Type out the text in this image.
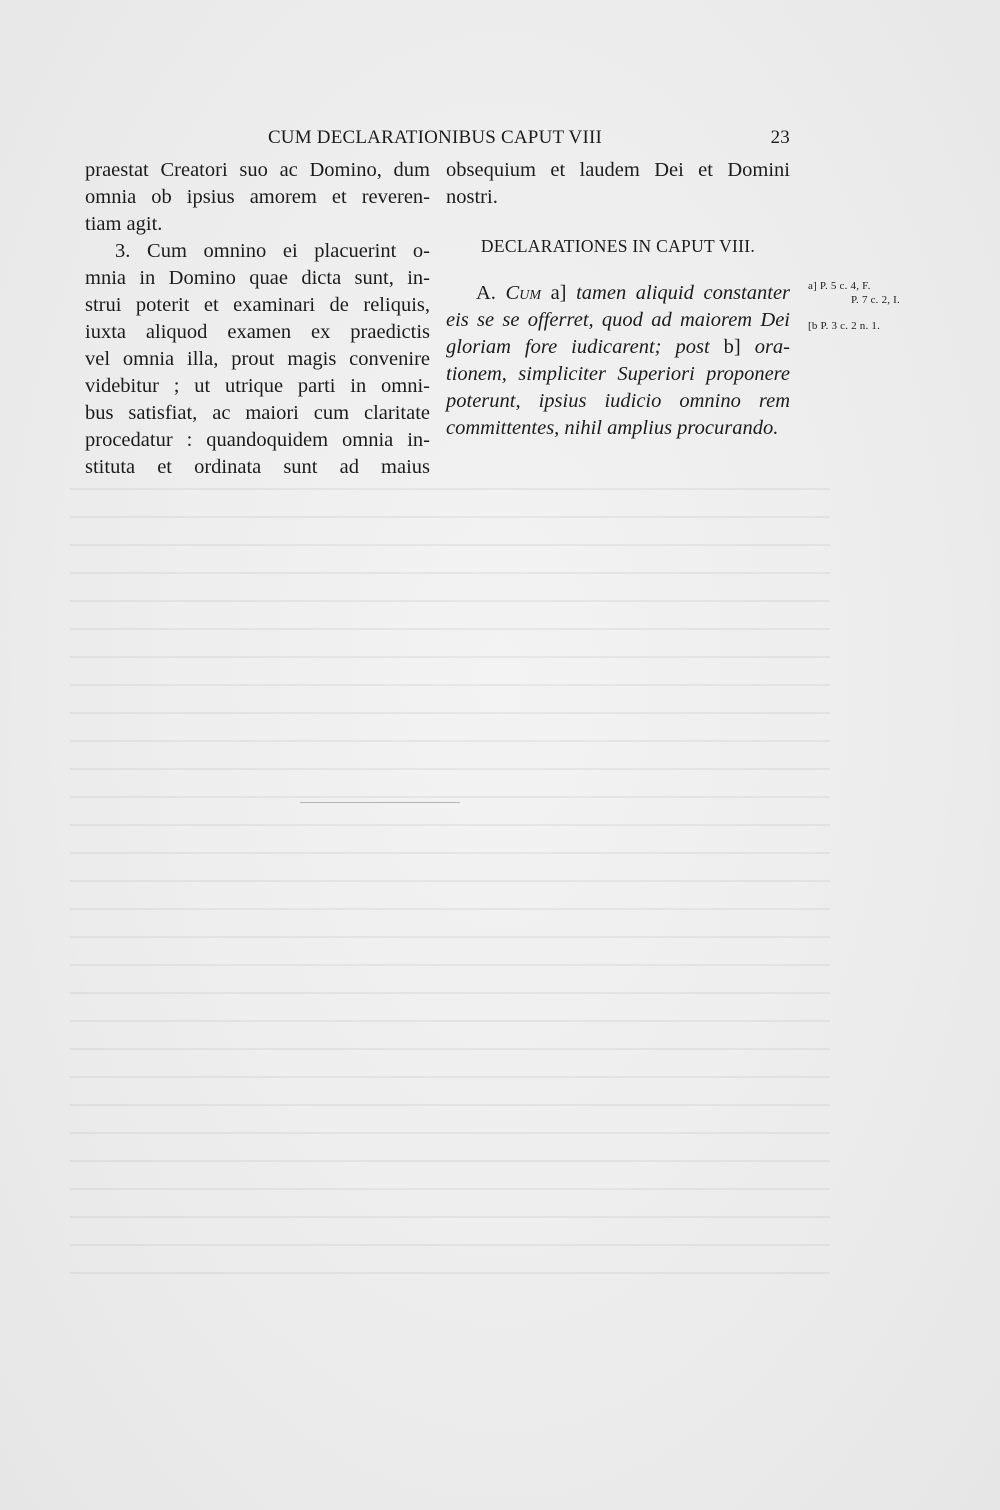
CUM DECLARATIONIBUS CAPUT VIII	23
praestat Creatori suo ac Domino, dum
omnia ob ipsius amorem et reveren-
tiam agit.
3. Cum omnino ei placuerint o-
mnia in Domino quae dicta sunt, in-
strui poterit et examinari de reliquis,
iuxta aliquod examen ex praedictis
vel omnia illa, prout magis convenire
videbitur ; ut utrique parti in omni-
bus satisfiat, ac maiori cum claritate
procedatur : quandoquidem omnia in-
stituta et ordinata sunt ad maius
obsequium et laudem Dei et Domini
nostri.
DECLARATIONES IN CAPUT VIII.
A. Cum a] tamen aliquid constanter
eis se se offerret, quod ad maiorem Dei
gloriam fore iudicarent; post b] ora-
tionem, simpliciter Superiori proponere
poterunt, ipsius iudicio omnino rem
committentes, nihil amplius procurando.
a] P. 5 c. 4, F.
P. 7 c. 2, I.
[b P. 3 c. 2 n. 1.
